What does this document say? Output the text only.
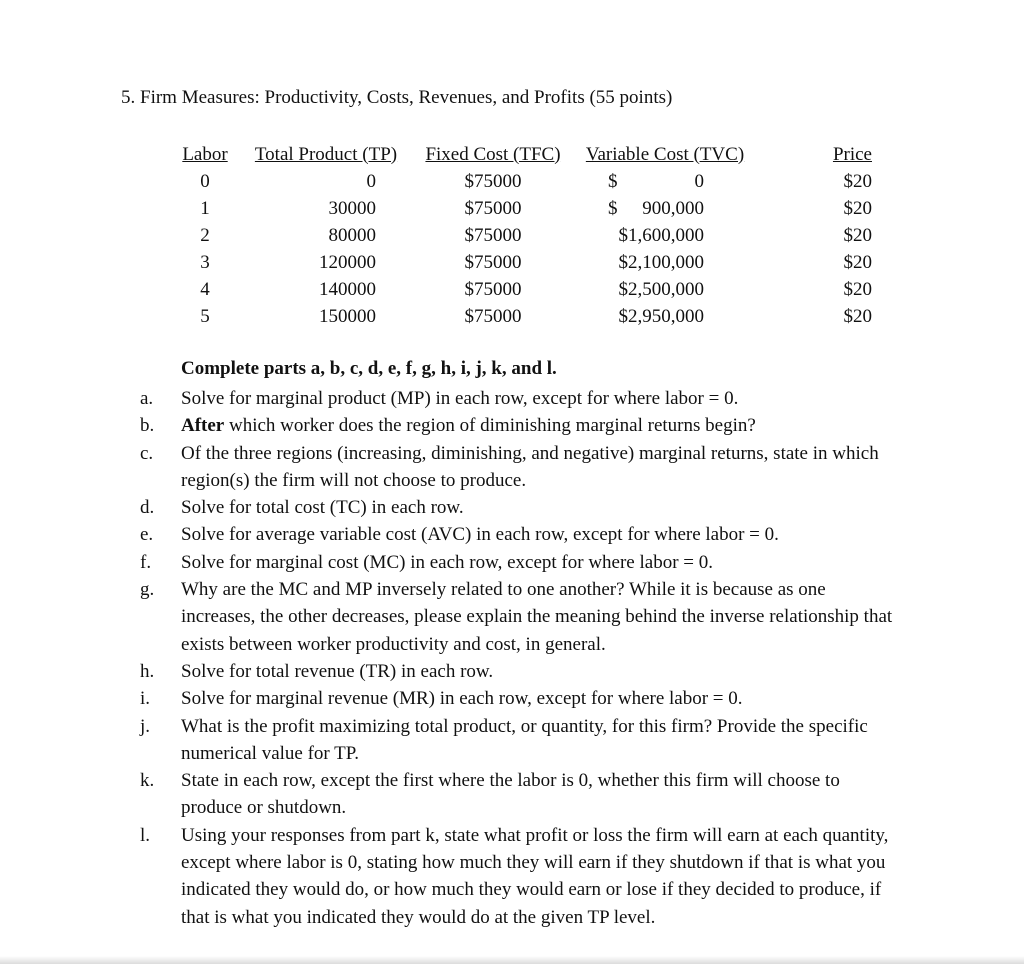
5. Firm Measures: Productivity, Costs, Revenues, and Profits (55 points)
Labor	Total Product (TP)	Fixed Cost (TFC)	Variable Cost (TVC)	Price
0	0	$75000	$ 0	$20
1	30000	$75000	$ 900,000	$20
2	80000	$75000	$1,600,000	$20
3	120000	$75000	$2,100,000	$20
4	140000	$75000	$2,500,000	$20
5	150000	$75000	$2,950,000	$20
Complete parts a, b, c, d, e, f, g, h, i, j, k, and l.
a.	Solve for marginal product (MP) in each row, except for where labor = 0.
b.	After which worker does the region of diminishing marginal returns begin?
c.	Of the three regions (increasing, diminishing, and negative) marginal returns, state in which region(s) the firm will not choose to produce.
d.	Solve for total cost (TC) in each row.
e.	Solve for average variable cost (AVC) in each row, except for where labor = 0.
f.	Solve for marginal cost (MC) in each row, except for where labor = 0.
g.	Why are the MC and MP inversely related to one another? While it is because as one increases, the other decreases, please explain the meaning behind the inverse relationship that exists between worker productivity and cost, in general.
h.	Solve for total revenue (TR) in each row.
i.	Solve for marginal revenue (MR) in each row, except for where labor = 0.
j.	What is the profit maximizing total product, or quantity, for this firm? Provide the specific numerical value for TP.
k.	State in each row, except the first where the labor is 0, whether this firm will choose to produce or shutdown.
l.	Using your responses from part k, state what profit or loss the firm will earn at each quantity, except where labor is 0, stating how much they will earn if they shutdown if that is what you indicated they would do, or how much they would earn or lose if they decided to produce, if that is what you indicated they would do at the given TP level.
